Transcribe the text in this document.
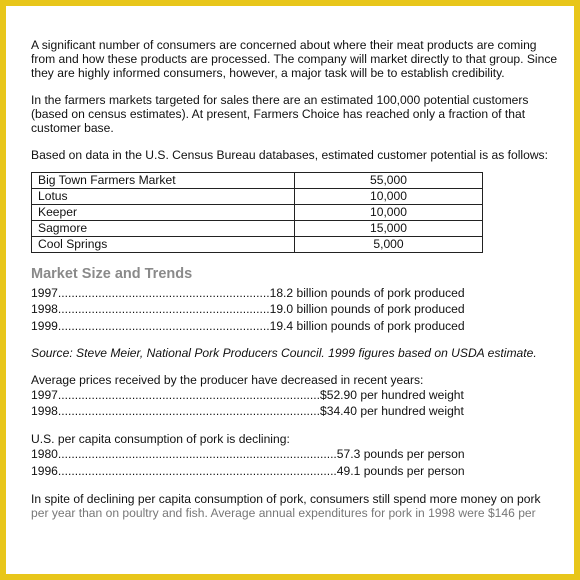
A significant number of consumers are concerned about where their meat products are coming from and how these products are processed. The company will market directly to that group. Since they are highly informed consumers, however, a major task will be to establish credibility.

In the farmers markets targeted for sales there are an estimated 100,000 potential customers (based on census estimates). At present, Farmers Choice has reached only a fraction of that customer base.

Based on data in the U.S. Census Bureau databases, estimated customer potential is as follows:

Big Town Farmers Market	55,000
Lotus	10,000
Keeper	10,000
Sagmore	15,000
Cool Springs	5,000
Market Size and Trends
1997...............................................................18.2 billion pounds of pork produced
1998...............................................................19.0 billion pounds of pork produced
1999...............................................................19.4 billion pounds of pork produced

Source: Steve Meier, National Pork Producers Council. 1999 figures based on USDA estimate.

Average prices received by the producer have decreased in recent years:

1997..............................................................................$52.90 per hundred weight
1998..............................................................................$34.40 per hundred weight

U.S. per capita consumption of pork is declining:

1980...................................................................................57.3 pounds per person
1996...................................................................................49.1 pounds per person

In spite of declining per capita consumption of pork, consumers still spend more money on pork

per year than on poultry and fish. Average annual expenditures for pork in 1998 were $146 per
